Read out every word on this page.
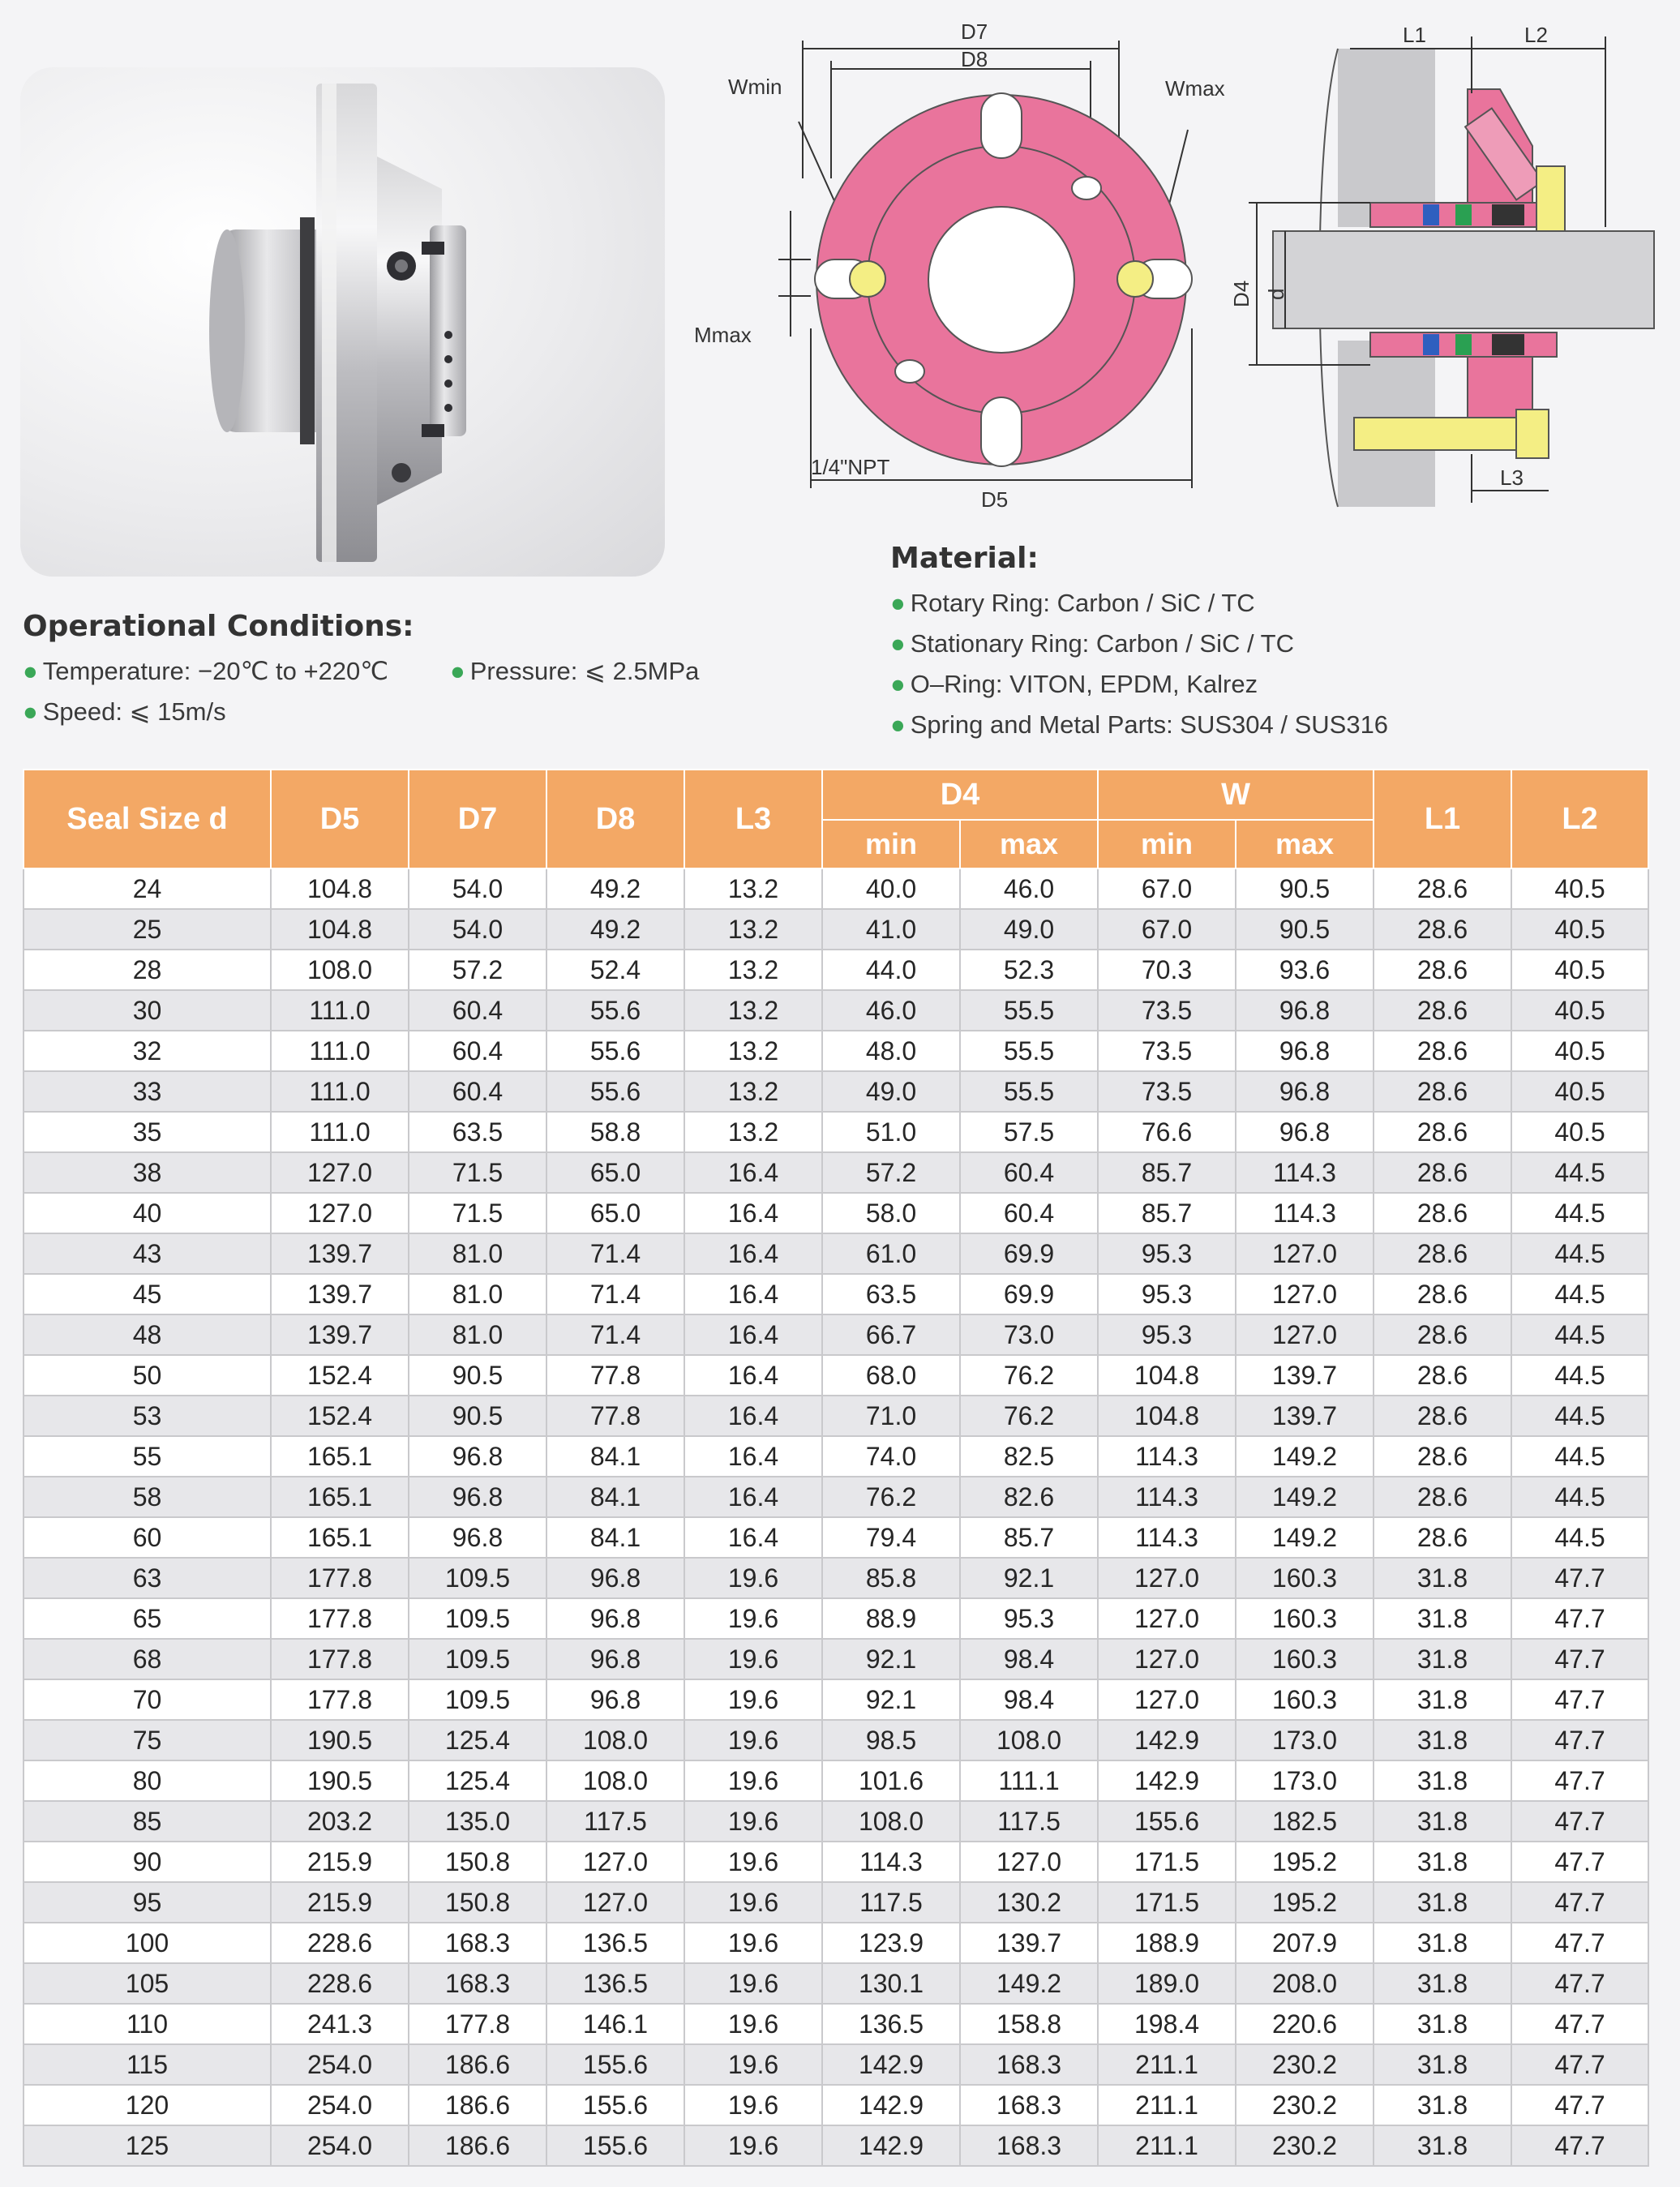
D7
D8
Wmin	Wmax
Mmax
1/4"NPT
D5
L1	L2
L3
D4 d
Operational Conditions:
● Temperature: −20℃ to +220℃ ● Pressure: ⩽ 2.5MPa
● Speed: ⩽ 15m/s
Material:
● Rotary Ring: Carbon / SiC / TC
● Stationary Ring: Carbon / SiC / TC
● O–Ring: VITON, EPDM, Kalrez
● Spring and Metal Parts: SUS304 / SUS316
Seal Size d	D5	D7	D8	L3	D4		W		L1	L2
					min	max	min	max		
24	104.8	54.0	49.2	13.2	40.0	46.0	67.0	90.5	28.6	40.5
25	104.8	54.0	49.2	13.2	41.0	49.0	67.0	90.5	28.6	40.5
28	108.0	57.2	52.4	13.2	44.0	52.3	70.3	93.6	28.6	40.5
30	111.0	60.4	55.6	13.2	46.0	55.5	73.5	96.8	28.6	40.5
32	111.0	60.4	55.6	13.2	48.0	55.5	73.5	96.8	28.6	40.5
33	111.0	60.4	55.6	13.2	49.0	55.5	73.5	96.8	28.6	40.5
35	111.0	63.5	58.8	13.2	51.0	57.5	76.6	96.8	28.6	40.5
38	127.0	71.5	65.0	16.4	57.2	60.4	85.7	114.3	28.6	44.5
40	127.0	71.5	65.0	16.4	58.0	60.4	85.7	114.3	28.6	44.5
43	139.7	81.0	71.4	16.4	61.0	69.9	95.3	127.0	28.6	44.5
45	139.7	81.0	71.4	16.4	63.5	69.9	95.3	127.0	28.6	44.5
48	139.7	81.0	71.4	16.4	66.7	73.0	95.3	127.0	28.6	44.5
50	152.4	90.5	77.8	16.4	68.0	76.2	104.8	139.7	28.6	44.5
53	152.4	90.5	77.8	16.4	71.0	76.2	104.8	139.7	28.6	44.5
55	165.1	96.8	84.1	16.4	74.0	82.5	114.3	149.2	28.6	44.5
58	165.1	96.8	84.1	16.4	76.2	82.6	114.3	149.2	28.6	44.5
60	165.1	96.8	84.1	16.4	79.4	85.7	114.3	149.2	28.6	44.5
63	177.8	109.5	96.8	19.6	85.8	92.1	127.0	160.3	31.8	47.7
65	177.8	109.5	96.8	19.6	88.9	95.3	127.0	160.3	31.8	47.7
68	177.8	109.5	96.8	19.6	92.1	98.4	127.0	160.3	31.8	47.7
70	177.8	109.5	96.8	19.6	92.1	98.4	127.0	160.3	31.8	47.7
75	190.5	125.4	108.0	19.6	98.5	108.0	142.9	173.0	31.8	47.7
80	190.5	125.4	108.0	19.6	101.6	111.1	142.9	173.0	31.8	47.7
85	203.2	135.0	117.5	19.6	108.0	117.5	155.6	182.5	31.8	47.7
90	215.9	150.8	127.0	19.6	114.3	127.0	171.5	195.2	31.8	47.7
95	215.9	150.8	127.0	19.6	117.5	130.2	171.5	195.2	31.8	47.7
100	228.6	168.3	136.5	19.6	123.9	139.7	188.9	207.9	31.8	47.7
105	228.6	168.3	136.5	19.6	130.1	149.2	189.0	208.0	31.8	47.7
110	241.3	177.8	146.1	19.6	136.5	158.8	198.4	220.6	31.8	47.7
115	254.0	186.6	155.6	19.6	142.9	168.3	211.1	230.2	31.8	47.7
120	254.0	186.6	155.6	19.6	142.9	168.3	211.1	230.2	31.8	47.7
125	254.0	186.6	155.6	19.6	142.9	168.3	211.1	230.2	31.8	47.7
